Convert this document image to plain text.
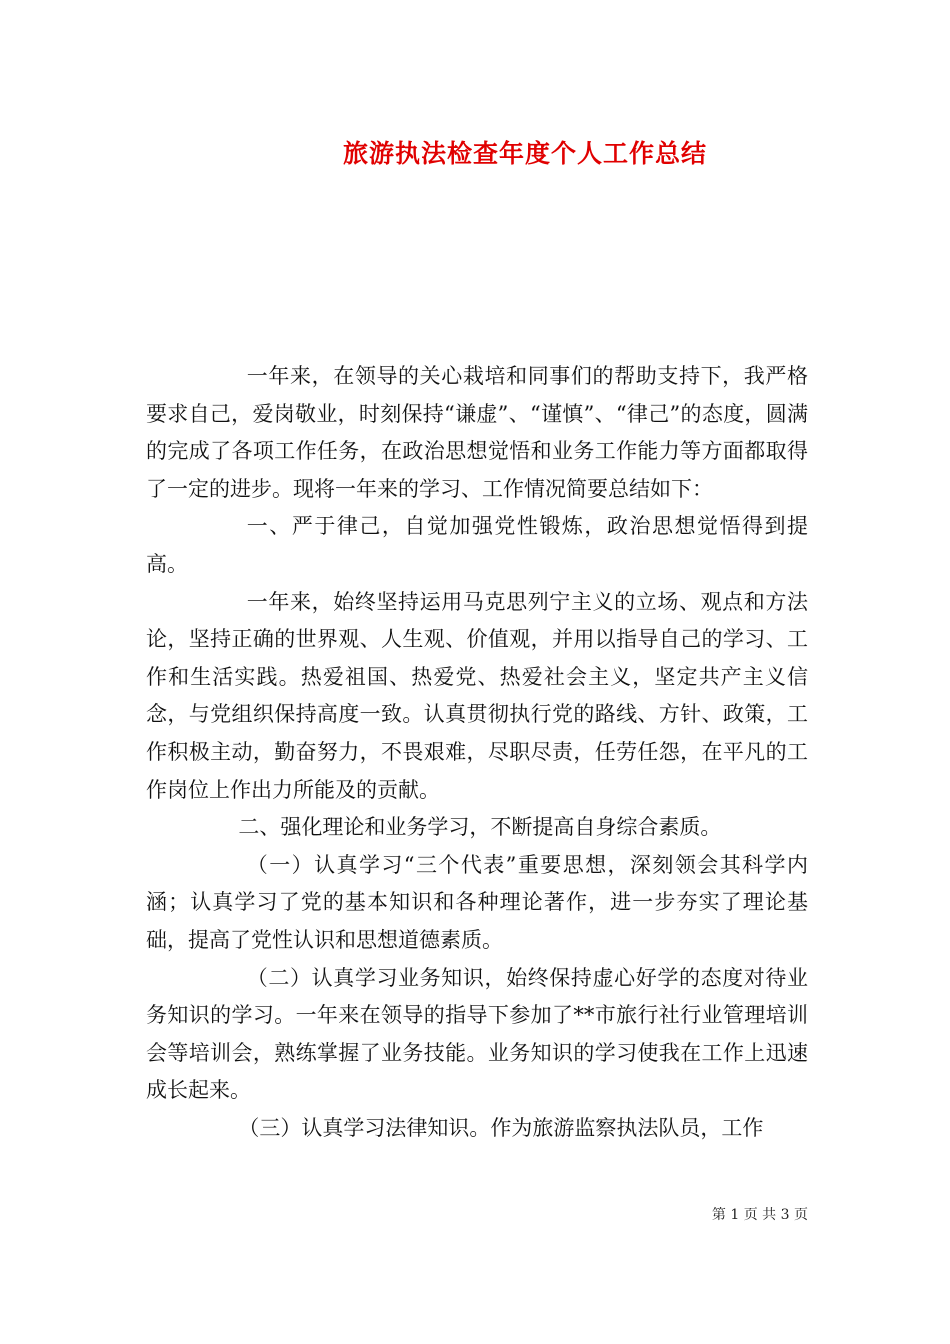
旅游执法检查年度个人工作总结

一年来，在领导的关心栽培和同事们的帮助支持下，我严格要求自己，爱岗敬业，时刻保持“谦虚”、“谨慎”、“律己”的态度，圆满的完成了各项工作任务，在政治思想觉悟和业务工作能力等方面都取得了一定的进步。现将一年来的学习、工作情况简要总结如下：

一、严于律己，自觉加强党性锻炼，政治思想觉悟得到提高。

一年来，始终坚持运用马克思列宁主义的立场、观点和方法论，坚持正确的世界观、人生观、价值观，并用以指导自己的学习、工作和生活实践。热爱祖国、热爱党、热爱社会主义，坚定共产主义信念，与党组织保持高度一致。认真贯彻执行党的路线、方针、政策，工作积极主动，勤奋努力，不畏艰难，尽职尽责，任劳任怨，在平凡的工作岗位上作出力所能及的贡献。

二、强化理论和业务学习，不断提高自身综合素质。

（一）认真学习“三个代表”重要思想，深刻领会其科学内涵；认真学习了党的基本知识和各种理论著作，进一步夯实了理论基础，提高了党性认识和思想道德素质。

（二）认真学习业务知识，始终保持虚心好学的态度对待业务知识的学习。一年来在领导的指导下参加了**市旅行社行业管理培训会等培训会，熟练掌握了业务技能。业务知识的学习使我在工作上迅速成长起来。

（三）认真学习法律知识。作为旅游监察执法队员，工作

第 1 页 共 3 页
